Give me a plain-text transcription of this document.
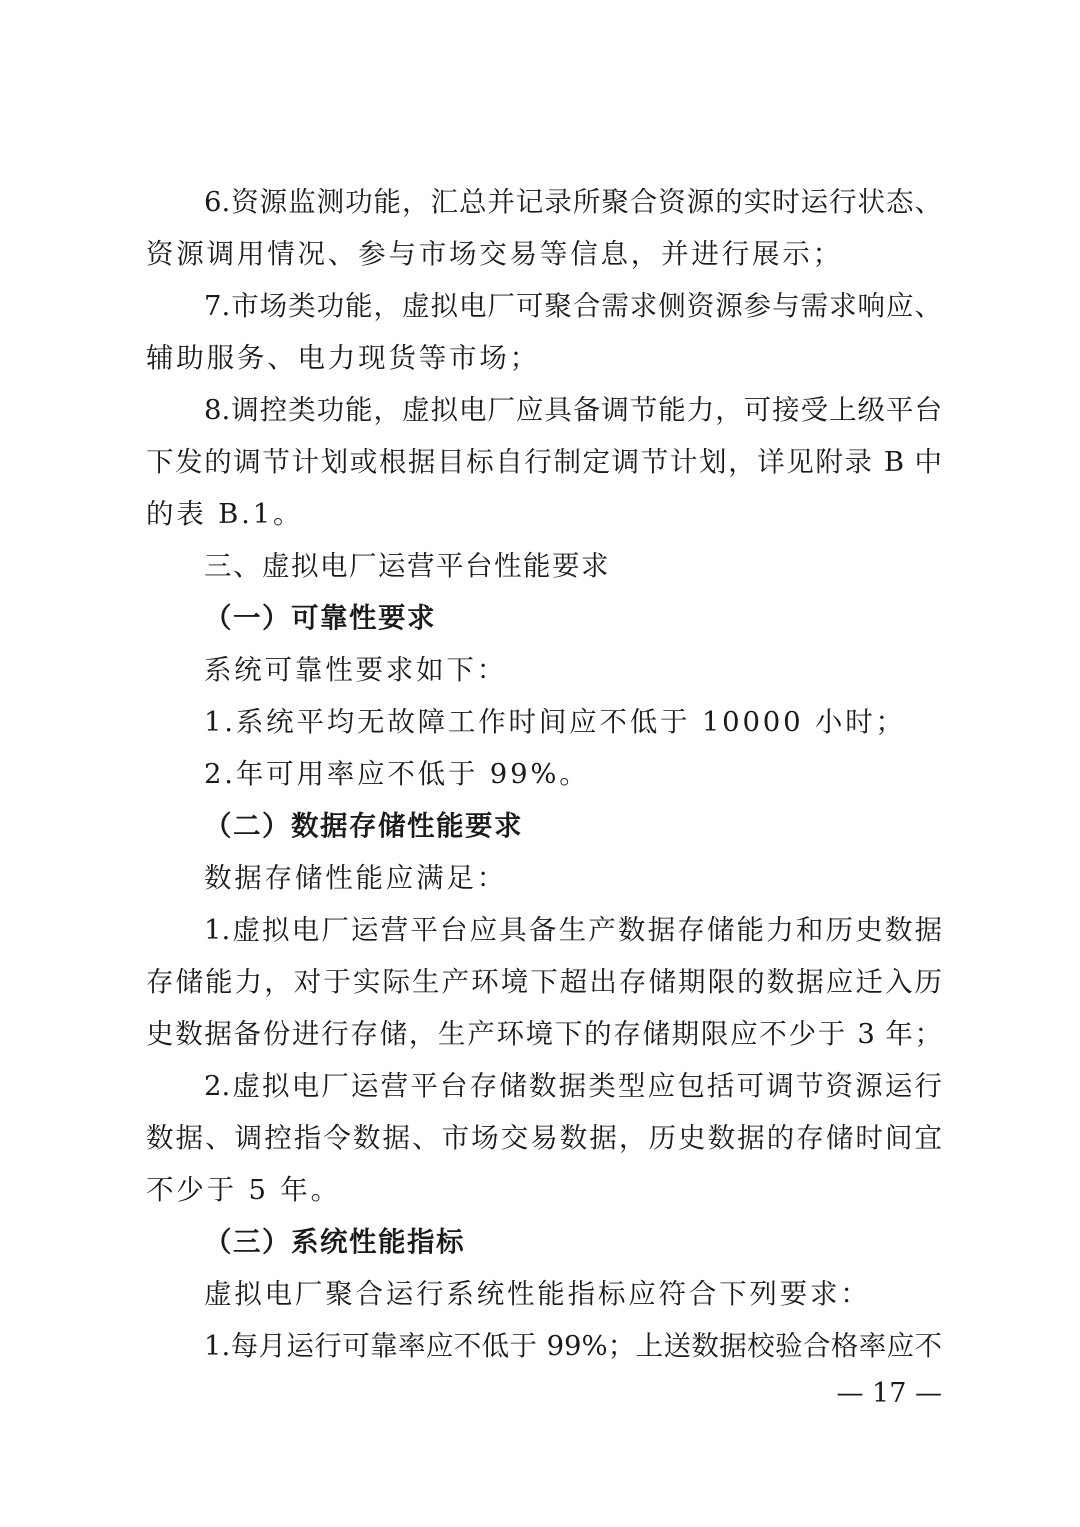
6.资源监测功能，汇总并记录所聚合资源的实时运行状态、
资源调用情况、参与市场交易等信息，并进行展示；
7.市场类功能，虚拟电厂可聚合需求侧资源参与需求响应、
辅助服务、电力现货等市场；
8.调控类功能，虚拟电厂应具备调节能力，可接受上级平台
下发的调节计划或根据目标自行制定调节计划，详见附录 B 中
的表 B.1。
三、虚拟电厂运营平台性能要求
（一）可靠性要求
系统可靠性要求如下：
1.系统平均无故障工作时间应不低于 10000 小时；
2.年可用率应不低于 99%。
（二）数据存储性能要求
数据存储性能应满足：
1.虚拟电厂运营平台应具备生产数据存储能力和历史数据
存储能力，对于实际生产环境下超出存储期限的数据应迁入历
史数据备份进行存储，生产环境下的存储期限应不少于 3 年；
2.虚拟电厂运营平台存储数据类型应包括可调节资源运行
数据、调控指令数据、市场交易数据，历史数据的存储时间宜
不少于 5 年。
（三）系统性能指标
虚拟电厂聚合运行系统性能指标应符合下列要求：
1.每月运行可靠率应不低于 99%；上送数据校验合格率应不
— 17 —
